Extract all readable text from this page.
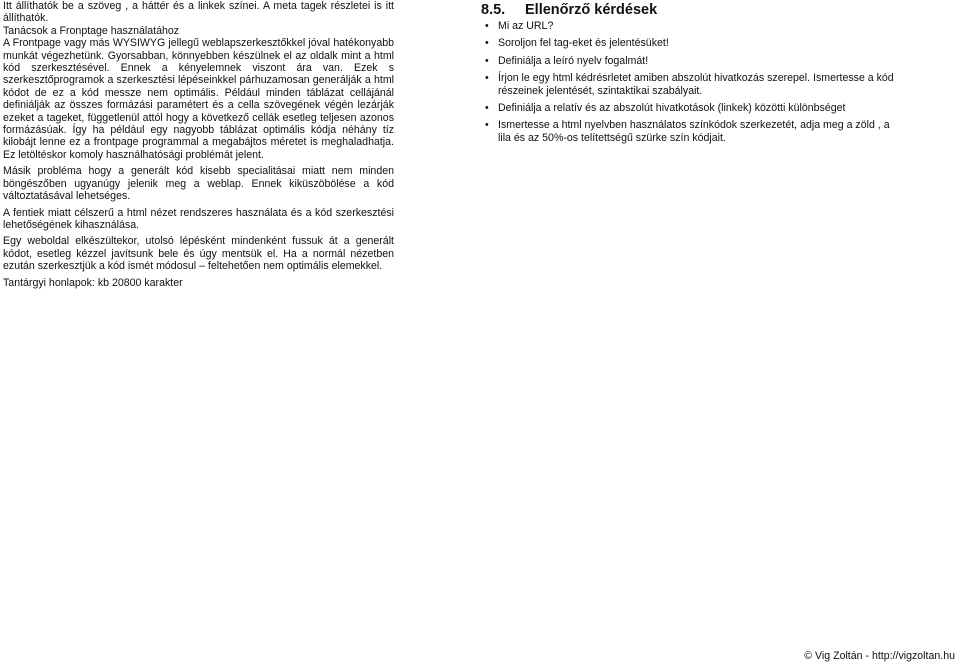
Itt állíthatók be a szöveg , a háttér és a linkek színei. A meta tagek részletei is itt állíthatók.

Tanácsok a Fronptage használatához

A Frontpage vagy más WYSIWYG jellegű weblapszerkesztőkkel jóval hatékonyabb munkát végezhetünk. Gyorsabban, könnyebben készülnek el az oldalk mint a html kód szerkesztésével. Ennek a kényelemnek viszont ára van. Ezek s szerkesztőprogramok a szerkesztési lépéseinkkel párhuzamosan generálják a html kódot de ez a kód messze nem optimális. Például minden táblázat cellájánál definiálják az összes formázási paramétert és a cella szövegének végén lezárják ezeket a tageket, függetlenül attól hogy a következő cellák esetleg teljesen azonos formázásúak. Így ha például egy nagyobb táblázat optimális kódja néhány tíz kilobájt lenne ez a frontpage programmal a megabájtos méretet is meghaladhatja. Ez letöltéskor komoly használhatósági problémát jelent.

Másik probléma hogy a generált kód kisebb specialitásai miatt nem minden böngészőben ugyanúgy jelenik meg a weblap. Ennek kiküszöbölése a kód változtatásával lehetséges.

A fentiek miatt célszerű a html nézet rendszeres használata és a kód szerkesztési lehetőségének kihasználása.

Egy weboldal elkészültekor, utolsó lépésként mindenként fussuk át a generált kódot, esetleg kézzel javítsunk bele és úgy mentsük el. Ha a normál nézetben ezután szerkesztjük a kód ismét módosul – feltehetően nem optimális elemekkel.

Tantárgyi honlapok: kb 20800 karakter

8.5. Ellenőrző kérdések
• Mi az URL?
• Soroljon fel tag-eket és jelentésüket!
• Definiálja a leíró nyelv fogalmát!
• Írjon le egy html kédrésrletet amiben abszolút hivatkozás szerepel. Ismertesse a kód részeinek jelentését, szintaktikai szabályait.
• Definiálja a relatív és az abszolút hivatkotások (linkek) közötti különbséget
• Ismertesse a html nyelvben használatos színkódok szerkezetét, adja meg a zöld , a lila és az 50%-os telítettségű szürke szín kódjait.
© Vig Zoltán - http://vigzoltan.hu
